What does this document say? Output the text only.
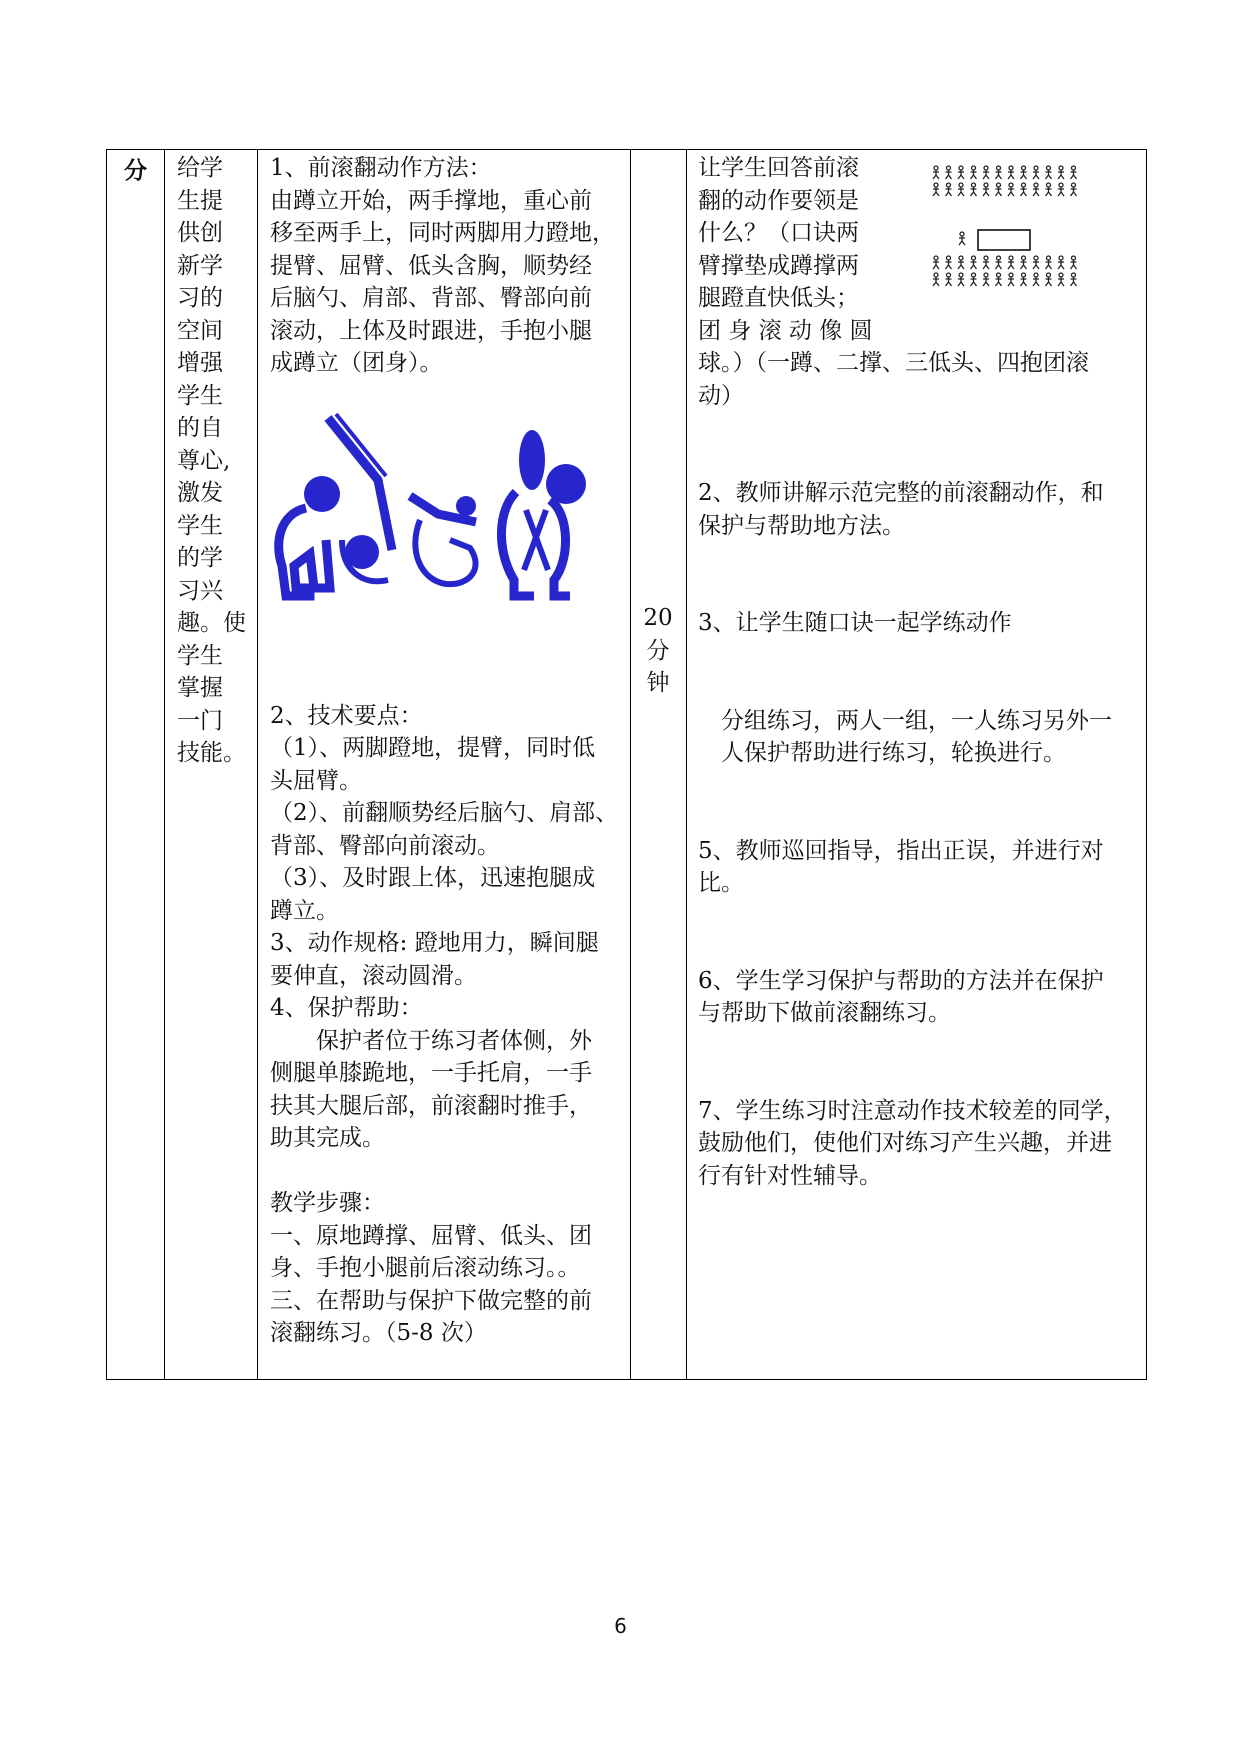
分	给学
生提
供创
新学
习的
空间
增强
学生
的自
尊心,
激发
学生
的学
习兴
趣。使
学生
掌握
一门
技能。
1、前滚翻动作方法：
由蹲立开始，两手撑地，重心前
移至两手上，同时两脚用力蹬地，
提臂、屈臂、低头含胸，顺势经
后脑勺、肩部、背部、臀部向前
滚动，上体及时跟进，手抱小腿
成蹲立（团身）。
2、技术要点：
（1）、两脚蹬地，提臂，同时低
头屈臂。
（2）、前翻顺势经后脑勺、肩部、
背部、臀部向前滚动。
（3）、及时跟上体，迅速抱腿成
蹲立。
3、动作规格: 蹬地用力，瞬间腿
要伸直，滚动圆滑。
4、保护帮助：
　　保护者位于练习者体侧，外
侧腿单膝跪地，一手托肩，一手
扶其大腿后部，前滚翻时推手，
助其完成。
教学步骤：
一、原地蹲撑、屈臂、低头、团
身、手抱小腿前后滚动练习。。
三、在帮助与保护下做完整的前
滚翻练习。（5-8 次）
20
分
钟
让学生回答前滚
翻的动作要领是
什么？（口诀两
臂撑垫成蹲撑两
腿蹬直快低头；
团 身 滚 动 像 圆
球。）（一蹲、二撑、三低头、四抱团滚
动）
2、教师讲解示范完整的前滚翻动作，和
保护与帮助地方法。
3、让学生随口诀一起学练动作
　分组练习，两人一组，一人练习另外一
　人保护帮助进行练习，轮换进行。
5、教师巡回指导，指出正误，并进行对
比。
6、学生学习保护与帮助的方法并在保护
与帮助下做前滚翻练习。
7、学生练习时注意动作技术较差的同学，
鼓励他们，使他们对练习产生兴趣，并进
行有针对性辅导。
6
